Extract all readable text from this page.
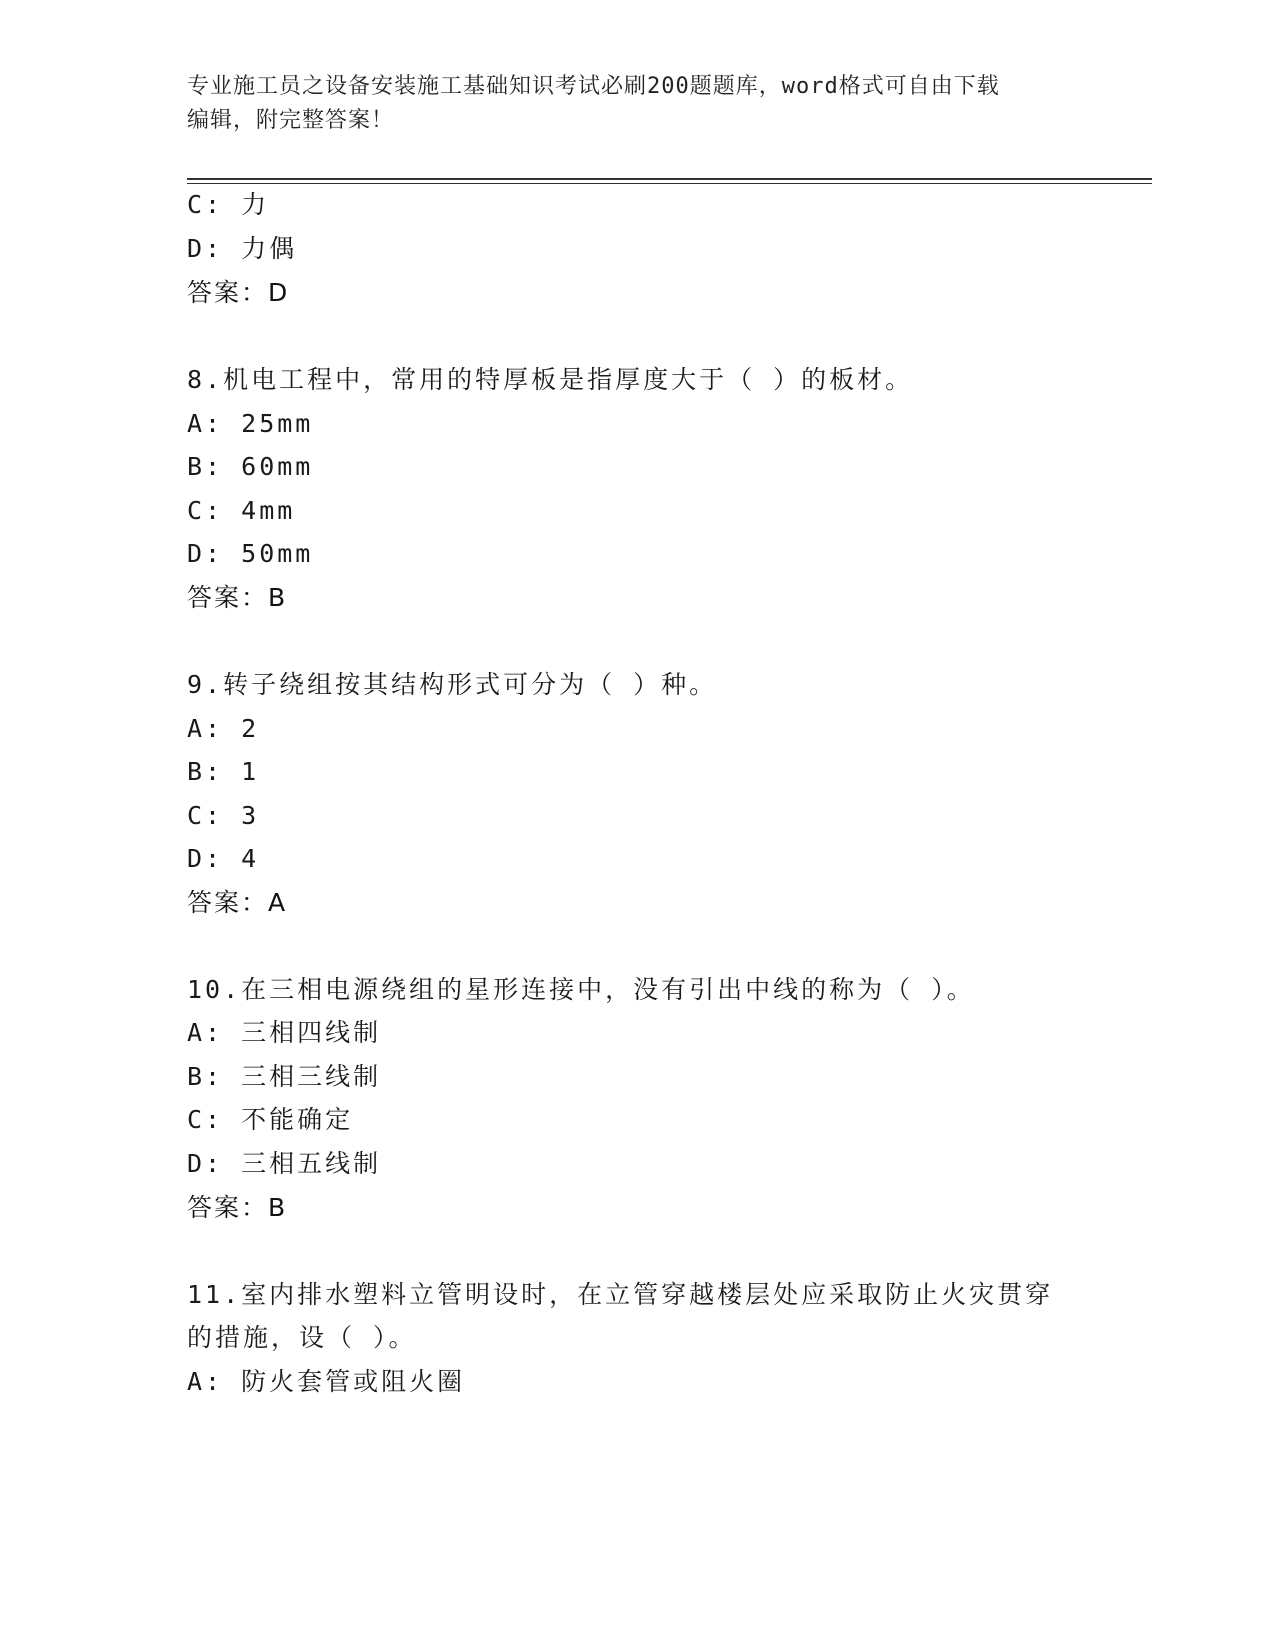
专业施工员之设备安装施工基础知识考试必刷200题题库，word格式可自由下载
编辑，附完整答案！
C: 力
D: 力偶
答案：D
8.机电工程中，常用的特厚板是指厚度大于（ ）的板材。
A: 25mm
B: 60mm
C: 4mm
D: 50mm
答案：B
9.转子绕组按其结构形式可分为（ ）种。
A: 2
B: 1
C: 3
D: 4
答案：A
10.在三相电源绕组的星形连接中，没有引出中线的称为（ ）。
A: 三相四线制
B: 三相三线制
C: 不能确定
D: 三相五线制
答案：B
11.室内排水塑料立管明设时，在立管穿越楼层处应采取防止火灾贯穿
的措施，设（ ）。
A: 防火套管或阻火圈
